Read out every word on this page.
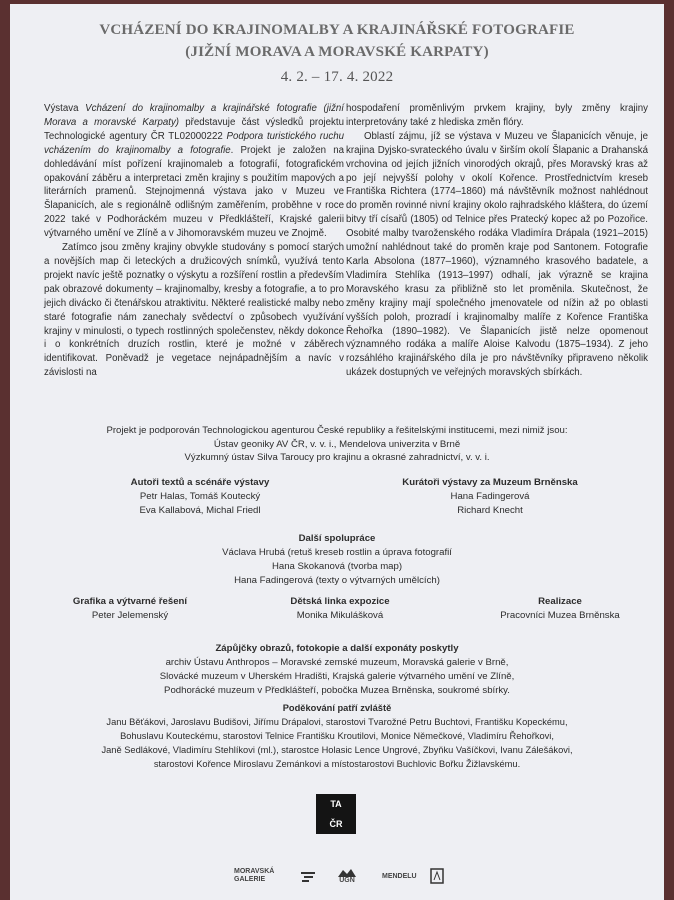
VCHÁZENÍ DO KRAJINOMALBY A KRAJINÁŘSKÉ FOTOGRAFIE
(JIŽNÍ MORAVA A MORAVSKÉ KARPATY)
4. 2. – 17. 4. 2022

Výstava Vcházení do krajinomalby a krajinářské fotografie (jižní Morava a moravské Karpaty) představuje část výsledků projektu Technologické agentury ČR TL02000222 Podpora turistického ruchu vcházením do krajinomalby a fotografie. Projekt je založen na dohledávání míst pořízení krajinomaleb a fotografií, fotografickém opakování záběru a interpretaci změn krajiny s použitím mapových a literárních pramenů. Stejnojmenná výstava jako v Muzeu ve Šlapanicích, ale s regionálně odlišným zaměřením, proběhne v roce 2022 také v Podhoráckém muzeu v Předklášteří, Krajské galerii výtvarného umění ve Zlíně a v Jihomoravském muzeu ve Znojmě.

Zatímco jsou změny krajiny obvykle studovány s pomocí starých a novějších map či leteckých a družicových snímků, využívá tento projekt navíc ještě poznatky o výskytu a rozšíření rostlin a především pak obrazové dokumenty – krajinomalby, kresby a fotografie, a to pro jejich divácko či čtenářskou atraktivitu. Některé realistické malby nebo staré fotografie nám zanechaly svědectví o způsobech využívání krajiny v minulosti, o typech rostlinných společenstev, někdy dokonce i o konkrétních druzích rostlin, které je možné v záběrech identifikovat. Poněvadž je vegetace nejnápadnějším a navíc v závislosti na

hospodaření proměnlivým prvkem krajiny, byly změny krajiny interpretovány také z hlediska změn flóry.

Oblastí zájmu, jíž se výstava v Muzeu ve Šlapanicích věnuje, je krajina Dyjsko-svrateckého úvalu v širším okolí Šlapanic a Drahanská vrchovina od jejích jižních vinorodých okrajů, přes Moravský kras až po její nejvyšší polohy v okolí Kořence. Prostřednictvím kreseb Františka Richtera (1774–1860) má návštěvník možnost nahlédnout do proměn rovinné nivní krajiny okolo rajhradského kláštera, do území bitvy tří císařů (1805) od Telnice přes Pratecký kopec až po Pozořice. Osobité malby tvaroženského rodáka Vladimíra Drápala (1921–2015) umožní nahlédnout také do proměn kraje pod Santonem. Fotografie Karla Absolona (1877–1960), významného krasového badatele, a Vladimíra Stehlíka (1913–1997) odhalí, jak výrazně se krajina Moravského krasu za přibližně sto let proměnila. Skutečnost, že změny krajiny mají společného jmenovatele od nížin až po oblasti vyšších poloh, prozradí i krajinomalby malíře z Kořence Františka Řehořka (1890–1982). Ve Šlapanicích jistě nelze opomenout významného rodáka a malíře Aloise Kalvodu (1875–1934). Z jeho rozsáhlého krajinářského díla je pro návštěvníky připraveno několik ukázek dostupných ve veřejných moravských sbírkách.

Projekt je podporován Technologickou agenturou České republiky a řešitelskými institucemi, mezi nimiž jsou:
Ústav geoniky AV ČR, v. v. i., Mendelova univerzita v Brně
Výzkumný ústav Silva Taroucy pro krajinu a okrasné zahradnictví, v. v. i.
Autoři textů a scénáře výstavy
Petr Halas, Tomáš Koutecký
Eva Kallabová, Michal Friedl
Kurátoři výstavy za Muzeum Brněnska
Hana Fadingerová
Richard Knecht
Další spolupráce
Václava Hrubá (retuš kreseb rostlin a úprava fotografií
Hana Skokanová (tvorba map)
Hana Fadingerová (texty o výtvarných umělcích)
Grafika a výtvarné řešení
Peter Jelemenský
Dětská linka expozice
Monika Mikulášková
Realizace
Pracovníci Muzea Brněnska
Zápůjčky obrazů, fotokopie a další exponáty poskytly
archiv Ústavu Anthropos – Moravské zemské muzeum, Moravská galerie v Brně,
Slovácké muzeum v Uherském Hradišti, Krajská galerie výtvarného umění ve Zlíně,
Podhorácké muzeum v Předklášteří, pobočka Muzea Brněnska, soukromé sbírky.
Poděkování patří zvláště
Janu Běťákovi, Jaroslavu Budišovi, Jiřímu Drápalovi, starostovi Tvarožné Petru Buchtovi, Františku Kopeckému,
Bohuslavu Kouteckému, starostovi Telnice Františku Kroutilovi, Monice Němečkové, Vladimíru Řehořkovi,
Janě Sedlákové, Vladimíru Stehlíkovi (ml.), starostce Holasic Lence Ungrové, Zbyňku Vašíčkovi, Ivanu Zálešákovi,
starostovi Kořence Miroslavu Zemánkovi a místostarostovi Buchlovic Bořku Žižlavskému.
TA
ČR
MORAVSKÁ GALERIE	ÚGN
MENDELU
